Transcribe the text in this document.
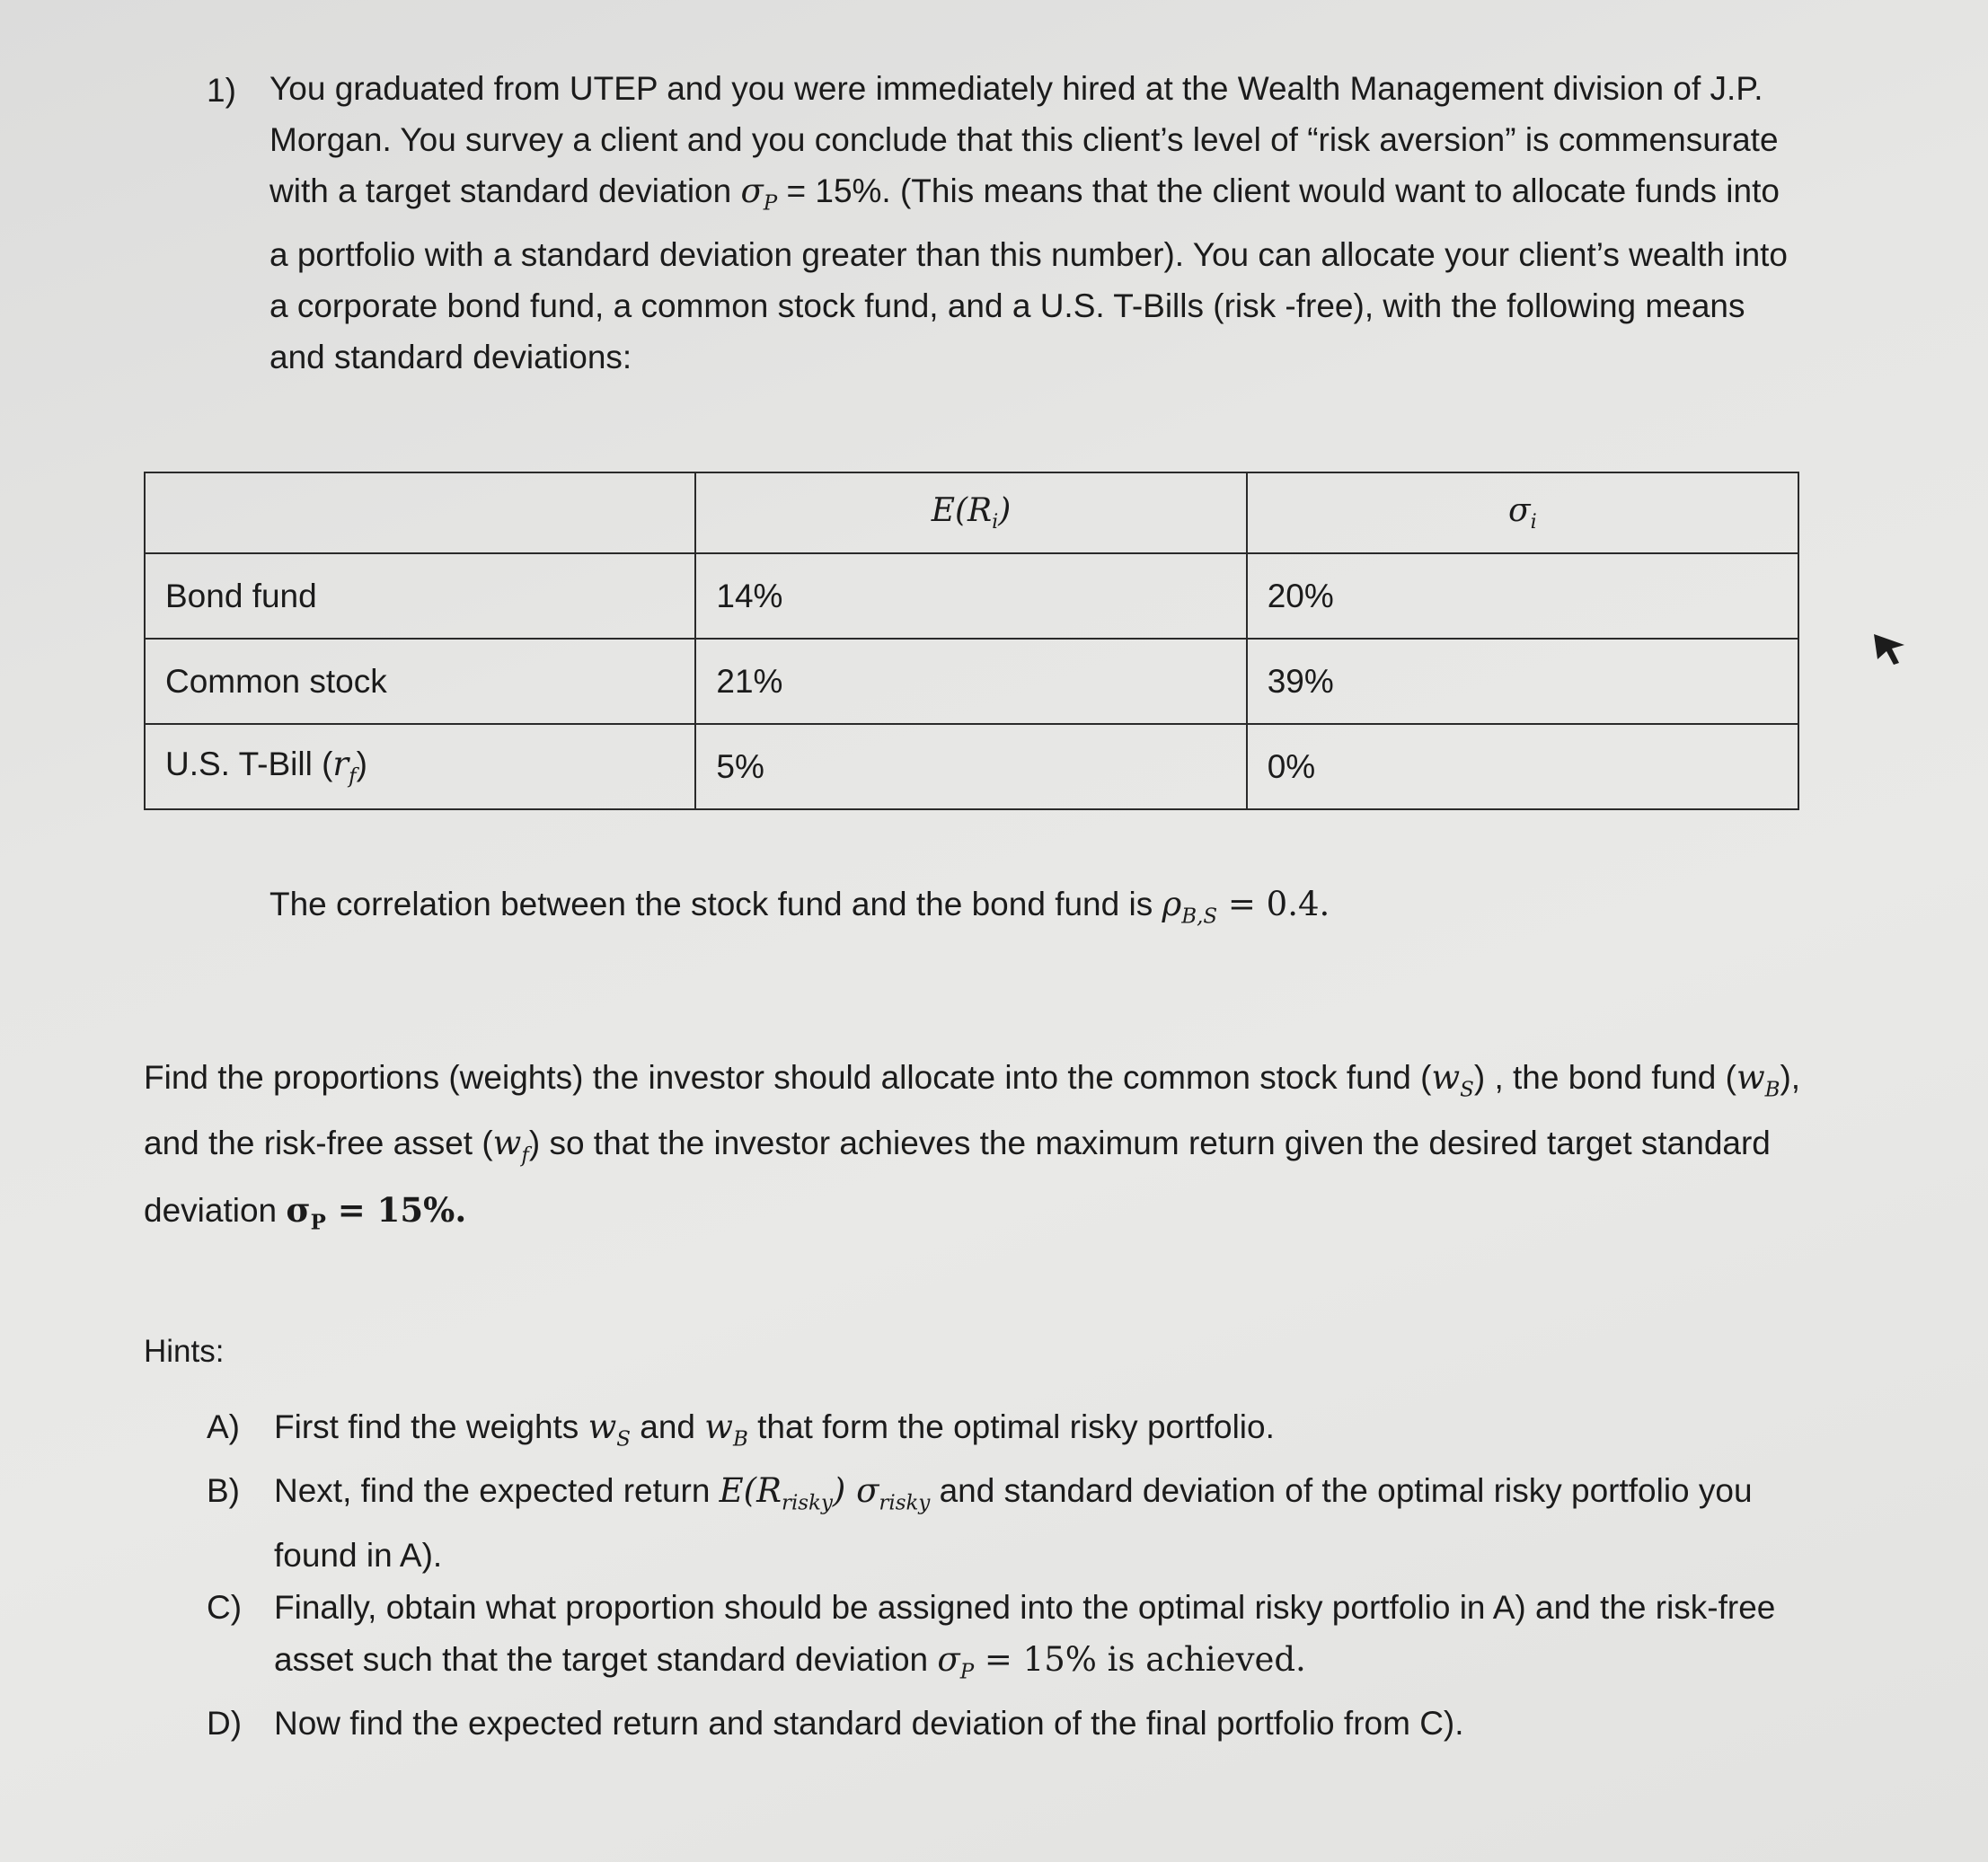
1) You graduated from UTEP and you were immediately hired at the Wealth Management division of J.P. Morgan. You survey a client and you conclude that this client’s level of “risk aversion” is commensurate with a target standard deviation $\sigma_P = 15\%$. (This means that the client would want to allocate funds into a portfolio with a standard deviation greater than this number). You can allocate your client’s wealth into a corporate bond fund, a common stock fund, and a U.S. T-Bills (risk -free), with the following means and standard deviations:

	$E(R_i)$	$\sigma_i$
Bond fund	14%	20%
Common stock	21%	39%
U.S. T-Bill $(r_f)$	5%	0%

The correlation between the stock fund and the bond fund is $\rho_{B,S} = 0.4$.

Find the proportions (weights) the investor should allocate into the common stock fund $(w_S)$ , the bond fund $(w_B)$, and the risk-free asset $(w_f)$ so that the investor achieves the maximum return given the desired target standard deviation $\sigma_P = 15\%$.

Hints:

A) First find the weights $w_S$ and $w_B$ that form the optimal risky portfolio.
B) Next, find the expected return $E(R_{risky})$ $\sigma_{risky}$ and standard deviation of the optimal risky portfolio you found in A).
C) Finally, obtain what proportion should be assigned into the optimal risky portfolio in A) and the risk-free asset such that the target standard deviation $\sigma_P = 15\%$ is achieved.
D) Now find the expected return and standard deviation of the final portfolio from C).
